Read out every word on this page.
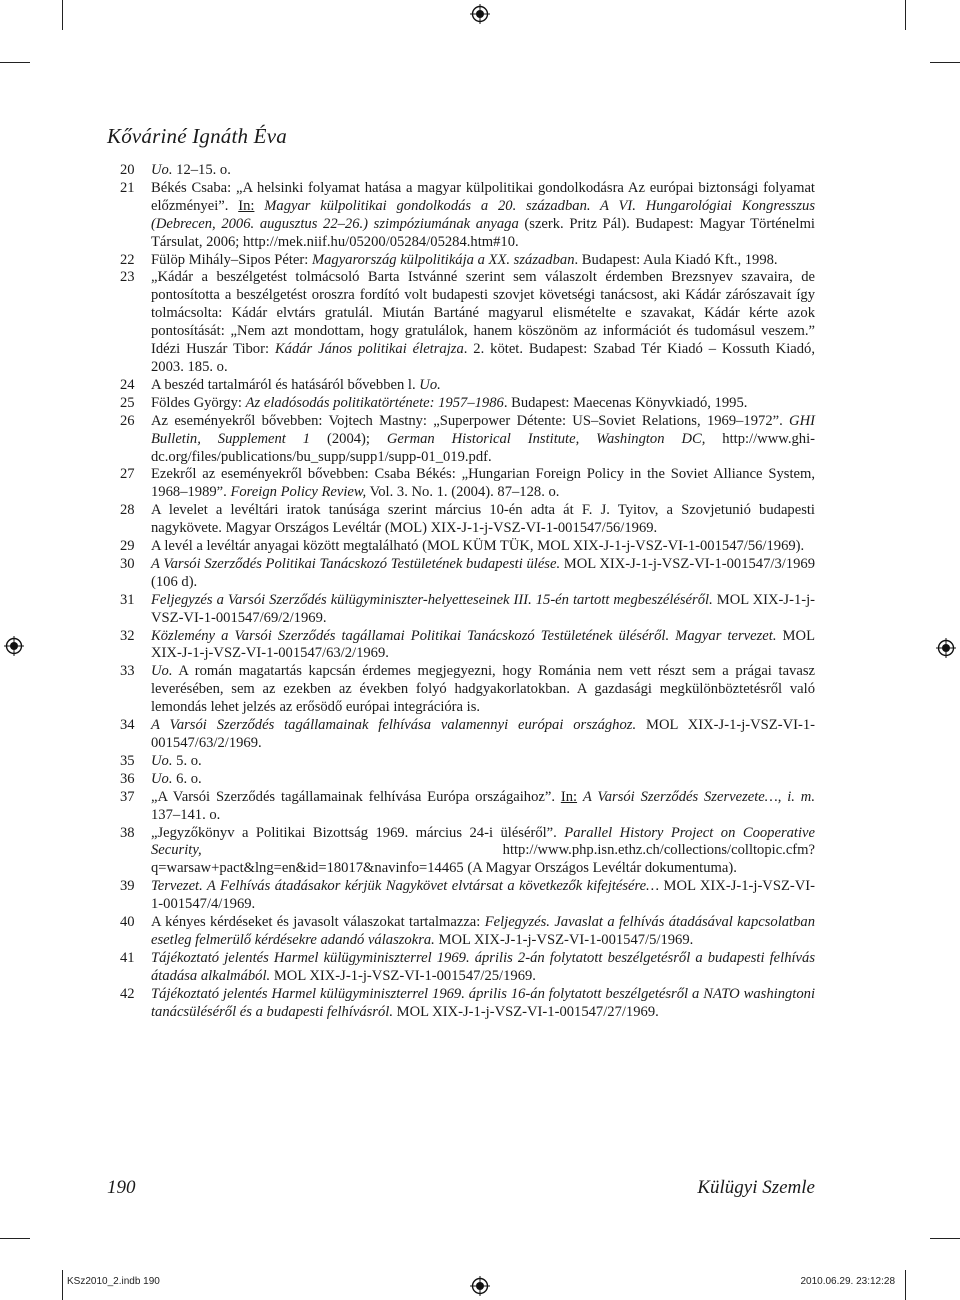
Kőváriné Ignáth Éva
20	Uo. 12–15. o.
21	Békés Csaba: „A helsinki folyamat hatása a magyar külpolitikai gondolkodásra Az európai biztonsági folyamat előzményei”. In: Magyar külpolitikai gondolkodás a 20. században. A VI. Hungarológiai Kongresszus (Debrecen, 2006. augusztus 22–26.) szimpóziumának anyaga (szerk. Pritz Pál). Budapest: Magyar Történelmi Társulat, 2006; http://mek.niif.hu/05200/05284/05284.htm#10.
22	Fülöp Mihály–Sipos Péter: Magyarország külpolitikája a XX. században. Budapest: Aula Kiadó Kft., 1998.
23	„Kádár a beszélgetést tolmácsoló Barta Istvánné szerint sem válaszolt érdemben Brezsnyev szavaira, de pontosította a beszélgetést oroszra fordító volt budapesti szovjet követségi tanácsost, aki Kádár zárószavait így tolmácsolta: Kádár elvtárs gratulál. Miután Bartáné magyarul elismételte e szavakat, Kádár kérte azok pontosítását: „Nem azt mondottam, hogy gratulálok, hanem köszönöm az információt és tudomásul veszem.” Idézi Huszár Tibor: Kádár János politikai életrajza. 2. kötet. Budapest: Szabad Tér Kiadó – Kossuth Kiadó, 2003. 185. o.
24	A beszéd tartalmáról és hatásáról bővebben l. Uo.
25	Földes György: Az eladósodás politikatörténete: 1957–1986. Budapest: Maecenas Könyvkiadó, 1995.
26	Az eseményekről bővebben: Vojtech Mastny: „Superpower Détente: US–Soviet Relations, 1969–1972”. GHI Bulletin, Supplement 1 (2004); German Historical Institute, Washington DC, http://www.ghi-dc.org/files/publications/bu_supp/supp1/supp-01_019.pdf.
27	Ezekről az eseményekről bővebben: Csaba Békés: „Hungarian Foreign Policy in the Soviet Alliance System, 1968–1989”. Foreign Policy Review, Vol. 3. No. 1. (2004). 87–128. o.
28	A levelet a levéltári iratok tanúsága szerint március 10-én adta át F. J. Tyitov, a Szovjetunió budapesti nagykövete. Magyar Országos Levéltár (MOL) XIX-J-1-j-VSZ-VI-1-001547/56/1969.
29	A levél a levéltár anyagai között megtalálható (MOL KÜM TÜK, MOL XIX-J-1-j-VSZ-VI-1-001547/56/1969).
30	A Varsói Szerződés Politikai Tanácskozó Testületének budapesti ülése. MOL XIX-J-1-j-VSZ-VI-1-001547/3/1969 (106 d).
31	Feljegyzés a Varsói Szerződés külügyminiszter-helyetteseinek III. 15-én tartott megbeszéléséről. MOL XIX-J-1-j-VSZ-VI-1-001547/69/2/1969.
32	Közlemény a Varsói Szerződés tagállamai Politikai Tanácskozó Testületének üléséről. Magyar tervezet. MOL XIX-J-1-j-VSZ-VI-1-001547/63/2/1969.
33	Uo. A román magatartás kapcsán érdemes megjegyezni, hogy Románia nem vett részt sem a prágai tavasz leverésében, sem az ezekben az években folyó hadgyakorlatokban. A gazdasági megkülönböztetésről való lemondás lehet jelzés az erősödő európai integrációra is.
34	A Varsói Szerződés tagállamainak felhívása valamennyi európai országhoz. MOL XIX-J-1-j-VSZ-VI-1-001547/63/2/1969.
35	Uo. 5. o.
36	Uo. 6. o.
37	„A Varsói Szerződés tagállamainak felhívása Európa országaihoz”. In: A Varsói Szerződés Szervezete…, i. m. 137–141. o.
38	„Jegyzőkönyv a Politikai Bizottság 1969. március 24-i üléséről”. Parallel History Project on Cooperative Security, http://www.php.isn.ethz.ch/collections/colltopic.cfm?q=warsaw+pact&lng=en&id=18017&navinfo=14465 (A Magyar Országos Levéltár dokumentuma).
39	Tervezet. A Felhívás átadásakor kérjük Nagykövet elvtársat a következők kifejtésére… MOL XIX-J-1-j-VSZ-VI-1-001547/4/1969.
40	A kényes kérdéseket és javasolt válaszokat tartalmazza: Feljegyzés. Javaslat a felhívás átadásával kapcsolatban esetleg felmerülő kérdésekre adandó válaszokra. MOL XIX-J-1-j-VSZ-VI-1-001547/5/1969.
41	Tájékoztató jelentés Harmel külügyminiszterrel 1969. április 2-án folytatott beszélgetésről a budapesti felhívás átadása alkalmából. MOL XIX-J-1-j-VSZ-VI-1-001547/25/1969.
42	Tájékoztató jelentés Harmel külügyminiszterrel 1969. április 16-án folytatott beszélgetésről a NATO washingtoni tanácsüléséről és a budapesti felhívásról. MOL XIX-J-1-j-VSZ-VI-1-001547/27/1969.
190	Külügyi Szemle
KSz2010_2.indb 190	2010.06.29. 23:12:28
